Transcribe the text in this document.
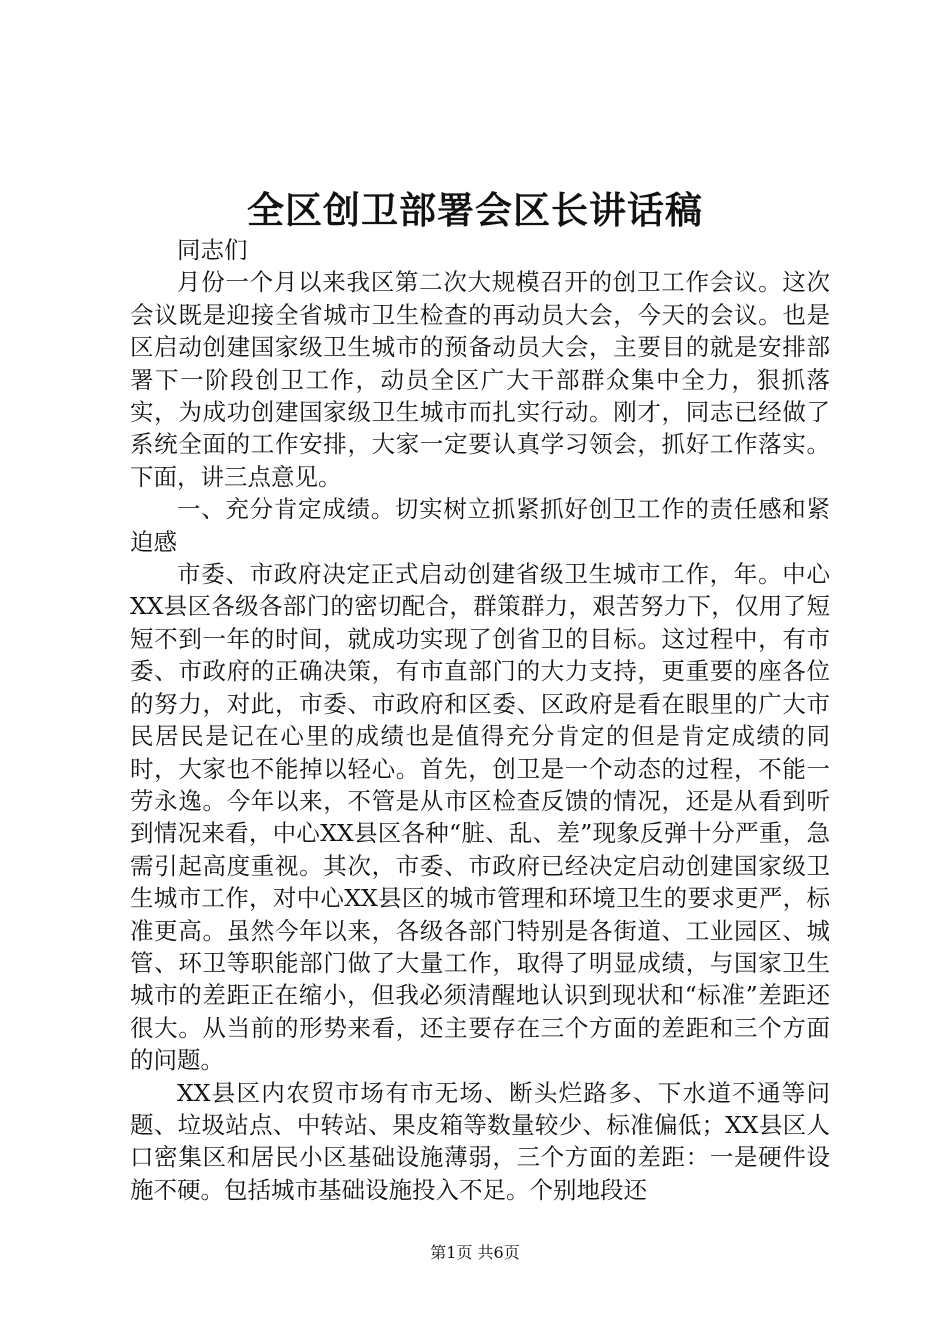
全区创卫部署会区长讲话稿

同志们

月份一个月以来我区第二次大规模召开的创卫工作会议。这次会议既是迎接全省城市卫生检查的再动员大会，今天的会议。也是区启动创建国家级卫生城市的预备动员大会，主要目的就是安排部署下一阶段创卫工作，动员全区广大干部群众集中全力，狠抓落实，为成功创建国家级卫生城市而扎实行动。刚才，同志已经做了系统全面的工作安排，大家一定要认真学习领会，抓好工作落实。下面，讲三点意见。

一、充分肯定成绩。切实树立抓紧抓好创卫工作的责任感和紧迫感

市委、市政府决定正式启动创建省级卫生城市工作，年。中心XX县区各级各部门的密切配合，群策群力，艰苦努力下，仅用了短短不到一年的时间，就成功实现了创省卫的目标。这过程中，有市委、市政府的正确决策，有市直部门的大力支持，更重要的座各位的努力，对此，市委、市政府和区委、区政府是看在眼里的广大市民居民是记在心里的成绩也是值得充分肯定的但是肯定成绩的同时，大家也不能掉以轻心。首先，创卫是一个动态的过程，不能一劳永逸。今年以来，不管是从市区检查反馈的情况，还是从看到听到情况来看，中心XX县区各种“脏、乱、差”现象反弹十分严重，急需引起高度重视。其次，市委、市政府已经决定启动创建国家级卫生城市工作，对中心XX县区的城市管理和环境卫生的要求更严，标准更高。虽然今年以来，各级各部门特别是各街道、工业园区、城管、环卫等职能部门做了大量工作，取得了明显成绩，与国家卫生城市的差距正在缩小，但我必须清醒地认识到现状和“标准”差距还很大。从当前的形势来看，还主要存在三个方面的差距和三个方面的问题。

XX县区内农贸市场有市无场、断头烂路多、下水道不通等问题、垃圾站点、中转站、果皮箱等数量较少、标准偏低；XX县区人口密集区和居民小区基础设施薄弱，三个方面的差距：一是硬件设施不硬。包括城市基础设施投入不足。个别地段还

第1页 共6页
